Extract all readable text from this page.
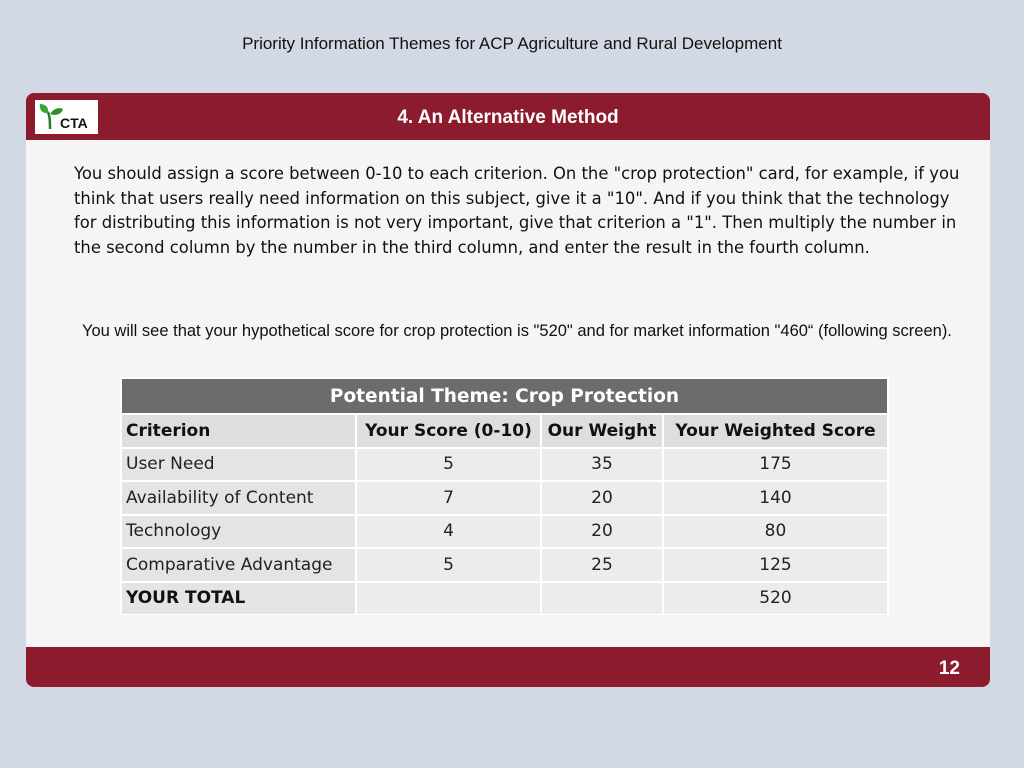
Priority Information Themes for ACP Agriculture and Rural Development
CTA	4. An Alternative Method
You should assign a score between 0-10 to each criterion. On the "crop protection" card, for example, if you think that users really need information on this subject, give it a "10". And if you think that the technology for distributing this information is not very important, give that criterion a "1". Then multiply the number in the second column by the number in the third column, and enter the result in the fourth column.
You will see that your hypothetical score for crop protection is "520" and for market information "460“ (following screen).
Potential Theme: Crop Protection			
Criterion	Your Score (0-10)	Our Weight	Your Weighted Score
User Need	5	35	175
Availability of Content	7	20	140
Technology	4	20	80
Comparative Advantage	5	25	125
YOUR TOTAL			520
12
